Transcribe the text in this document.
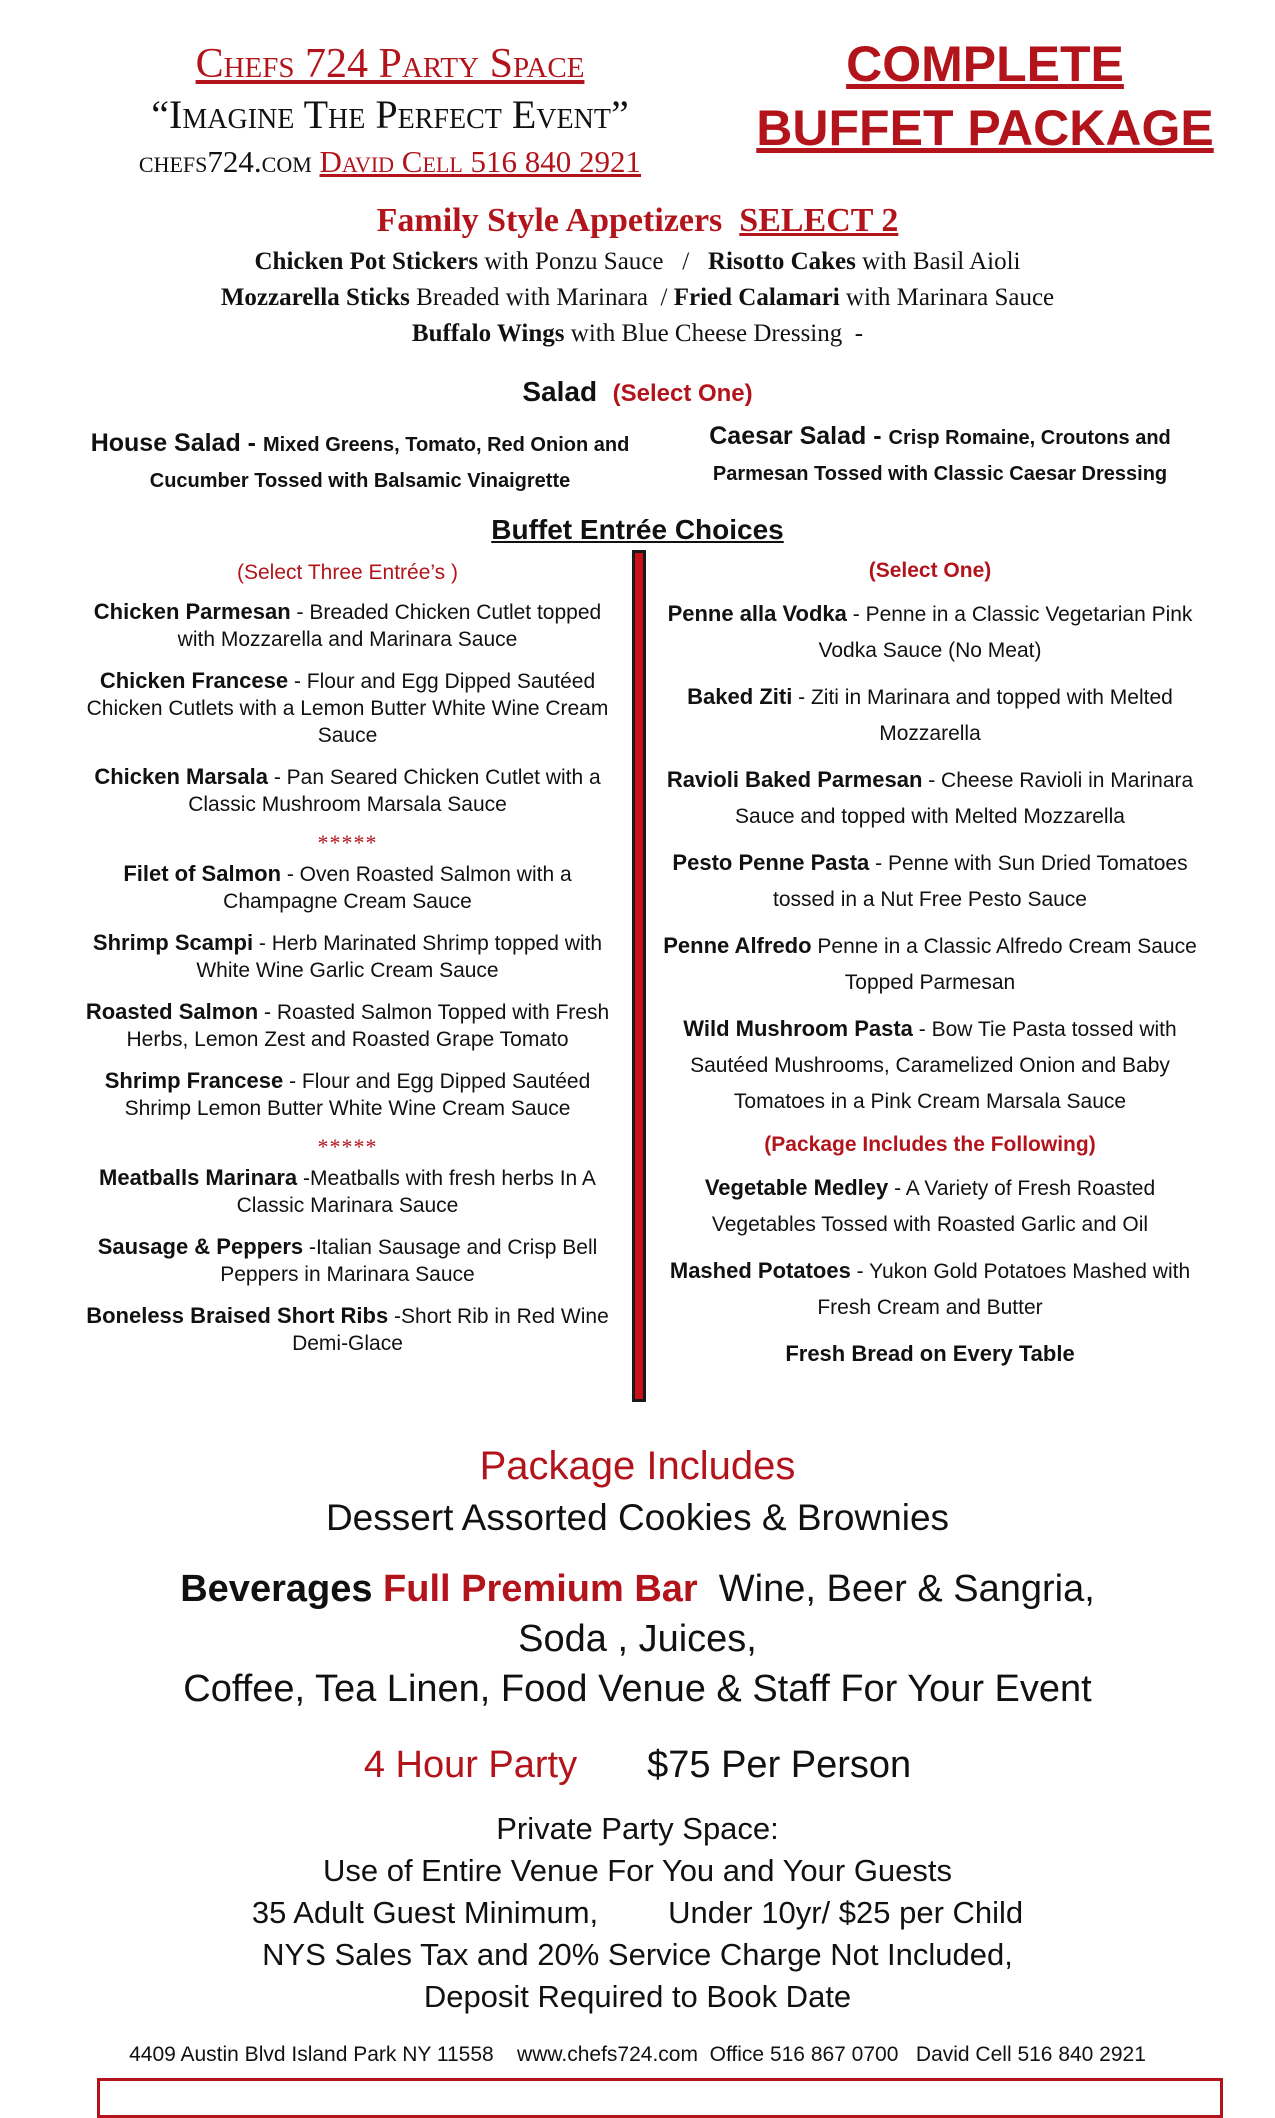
Chefs 724 Party Space
“Imagine The Perfect Event”
chefs724.com David Cell 516 840 2921
COMPLETE
BUFFET PACKAGE
Family Style Appetizers SELECT 2
Chicken Pot Stickers with Ponzu Sauce   /   Risotto Cakes with Basil Aioli
Mozzarella Sticks Breaded with Marinara  / Fried Calamari with Marinara Sauce
Buffalo Wings with Blue Cheese Dressing  -
Salad (Select One)
House Salad - Mixed Greens, Tomato, Red Onion and Cucumber Tossed with Balsamic Vinaigrette
Caesar Salad - Crisp Romaine, Croutons and Parmesan Tossed with Classic Caesar Dressing
Buffet Entrée Choices
(Select Three Entrée’s )
Chicken Parmesan - Breaded Chicken Cutlet topped with Mozzarella and Marinara Sauce
Chicken Francese - Flour and Egg Dipped Sautéed Chicken Cutlets with a Lemon Butter White Wine Cream Sauce
Chicken Marsala - Pan Seared Chicken Cutlet with a Classic Mushroom Marsala Sauce
*****
Filet of Salmon - Oven Roasted Salmon with a Champagne Cream Sauce
Shrimp Scampi - Herb Marinated Shrimp topped with White Wine Garlic Cream Sauce
Roasted Salmon - Roasted Salmon Topped with Fresh Herbs, Lemon Zest and Roasted Grape Tomato
Shrimp Francese - Flour and Egg Dipped Sautéed Shrimp Lemon Butter White Wine Cream Sauce
*****
Meatballs Marinara -Meatballs with fresh herbs In A Classic Marinara Sauce
Sausage & Peppers -Italian Sausage and Crisp Bell Peppers in Marinara Sauce
Boneless Braised Short Ribs -Short Rib in Red Wine Demi-Glace
(Select One)
Penne alla Vodka - Penne in a Classic Vegetarian Pink Vodka Sauce (No Meat)
Baked Ziti - Ziti in Marinara and topped with Melted Mozzarella
Ravioli Baked Parmesan - Cheese Ravioli in Marinara Sauce and topped with Melted Mozzarella
Pesto Penne Pasta - Penne with Sun Dried Tomatoes tossed in a Nut Free Pesto Sauce
Penne Alfredo Penne in a Classic Alfredo Cream Sauce Topped Parmesan
Wild Mushroom Pasta - Bow Tie Pasta tossed with Sautéed Mushrooms, Caramelized Onion and Baby Tomatoes in a Pink Cream Marsala Sauce
(Package Includes the Following)
Vegetable Medley - A Variety of Fresh Roasted Vegetables Tossed with Roasted Garlic and Oil
Mashed Potatoes - Yukon Gold Potatoes Mashed with Fresh Cream and Butter
Fresh Bread on Every Table
Package Includes
Dessert Assorted Cookies & Brownies
Beverages Full Premium Bar  Wine, Beer & Sangria,
Soda , Juices,
Coffee, Tea Linen, Food Venue & Staff For Your Event
4 Hour Party $75 Per Person
Private Party Space:
Use of Entire Venue For You and Your Guests
35 Adult Guest Minimum, Under 10yr/ $25 per Child
NYS Sales Tax and 20% Service Charge Not Included,
Deposit Required to Book Date
4409 Austin Blvd Island Park NY 11558    www.chefs724.com  Office 516 867 0700   David Cell 516 840 2921
